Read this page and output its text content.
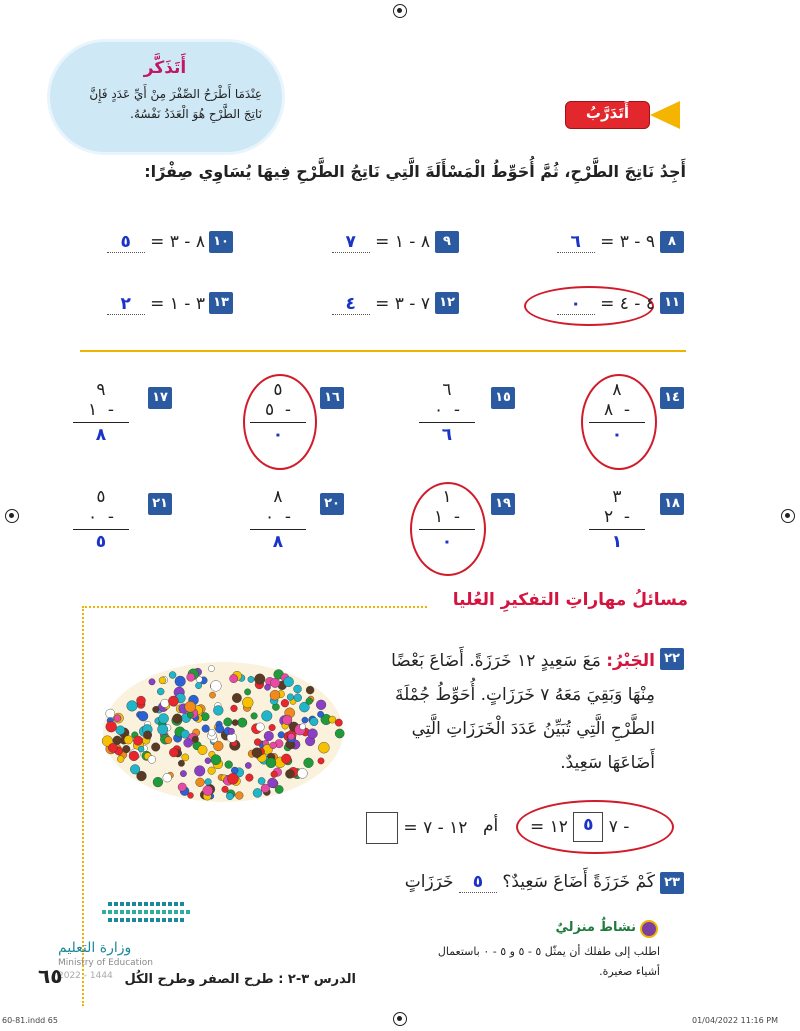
أَتَذَكَّر
عِنْدَمَا أَطْرَحُ الصِّفْرَ مِنْ أَيِّ عَدَدٍ فَإِنَّ نَاتِجَ الطَّرْحِ هُوَ الْعَدَدُ نَفْسُهُ.	أَتَدَرَّبُ
أَجِدُ نَاتِجَ الطَّرْحِ، ثُمَّ أُحَوِّطُ الْمَسْأَلَةَ الَّتِي نَاتِجُ الطَّرْحِ فِيهَا يُسَاوِي صِفْرًا:
٨
٩ - ٣ = ٦
٩
٨ - ١ = ٧
١٠
٨ - ٣ = ٥
١١
٤ - ٤ = ٠
١٢
٧ - ٣ = ٤
١٣
٣ - ١ = ٢
١٤
٨
٨ -
٠
١٥
٦
٠ -
٦
١٦
٥
٥ -
٠
١٧
٩
١ -
٨
١٨
٣
٢ -
١
١٩
١
١ -
٠
٢٠
٨
٠ -
٨
٢١
٥
٠ -
٥
مسائلُ مهاراتِ التفكيرِ العُليا
٢٢
الجَبْرُ: مَعَ سَعِيدٍ ١٢ خَرَزَةً. أَضَاعَ بَعْضًا
مِنْهَا وَبَقِيَ مَعَهُ ٧ خَرَزَاتٍ. أُحَوِّطُ جُمْلَةَ
الطَّرْحِ الَّتِي تُبَيِّنُ عَدَدَ الْخَرَزَاتِ الَّتِي
أَضَاعَهَا سَعِيدٌ.
= ٧ ٥ ١٢ -
أم
١٢ - ٧ =
٢٣
كَمْ خَرَزَةً أَضَاعَ سَعِيدٌ؟ ٥ خَرَزَاتٍ
نشاطٌ منزليٌ
اطلب إلى طفلك أن يمثّل ٥ - ٥ و ٥ - ٠ باستعمال أشياء صغيرة.
وزارة التعليم
Ministry of Education
2022 - 1444 الدرس ٣-٢ : طرح الصفر وطرح الكُل
٦٥
60-81.indd 65	01/04/2022 11:16 PM
